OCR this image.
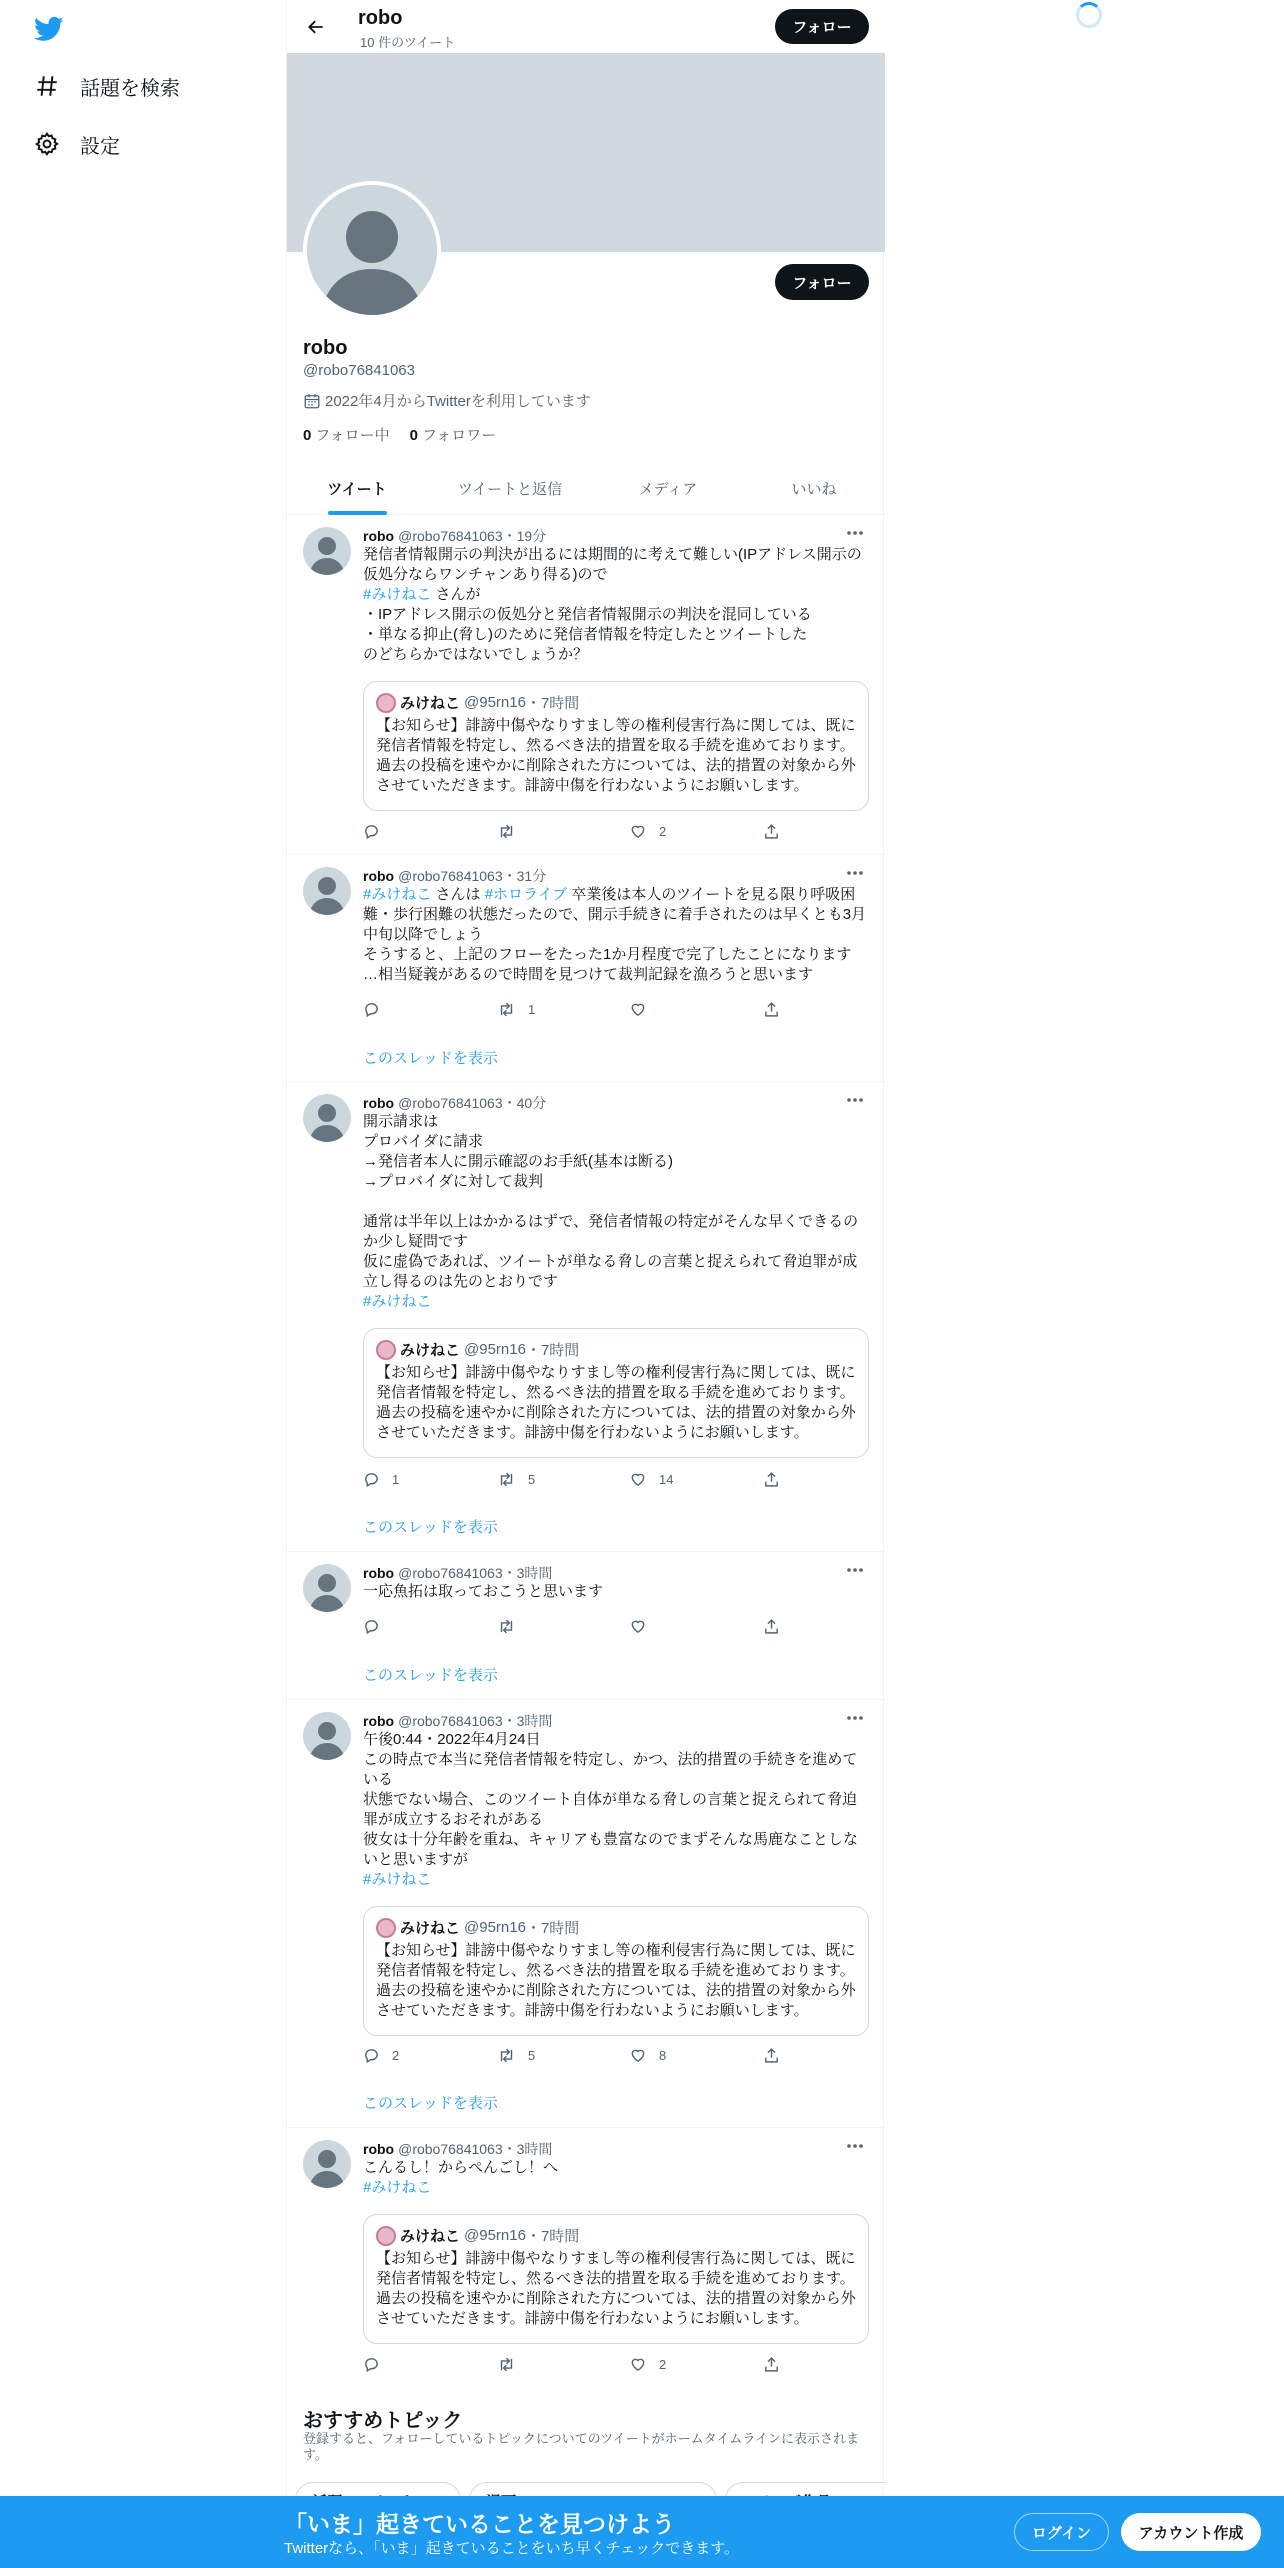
話題を検索
設定
robo
10 件のツイート
フォロー
フォロー
robo
@robo76841063
2022年4月からTwitterを利用しています
0 フォロー中 0 フォロワー
ツイート	ツイートと返信	メディア	いいね
robo @robo76841063・19分
発信者情報開示の判決が出るには期間的に考えて難しい(IPアドレス開示の
仮処分ならワンチャンあり得る)ので
#みけねこ さんが
・IPアドレス開示の仮処分と発信者情報開示の判決を混同している
・単なる抑止(脅し)のために発信者情報を特定したとツイートした
のどちらかではないでしょうか？
みけねこ @95rn16 ・7時間
【お知らせ】誹謗中傷やなりすまし等の権利侵害行為に関しては、既に
発信者情報を特定し、然るべき法的措置を取る手続を進めております。
過去の投稿を速やかに削除された方については、法的措置の対象から外
させていただきます。誹謗中傷を行わないようにお願いします。
2
robo @robo76841063・31分
#みけねこ さんは #ホロライブ 卒業後は本人のツイートを見る限り呼吸困
難・歩行困難の状態だったので、開示手続きに着手されたのは早くとも3月
中旬以降でしょう
そうすると、上記のフローをたった1か月程度で完了したことになります
…相当疑義があるので時間を見つけて裁判記録を漁ろうと思います
1
このスレッドを表示
robo @robo76841063・40分
開示請求は
プロバイダに請求
→発信者本人に開示確認のお手紙(基本は断る)
→プロバイダに対して裁判
通常は半年以上はかかるはずで、発信者情報の特定がそんな早くできるの
か少し疑問です
仮に虚偽であれば、ツイートが単なる脅しの言葉と捉えられて脅迫罪が成
立し得るのは先のとおりです
#みけねこ
みけねこ @95rn16 ・7時間
【お知らせ】誹謗中傷やなりすまし等の権利侵害行為に関しては、既に
発信者情報を特定し、然るべき法的措置を取る手続を進めております。
過去の投稿を速やかに削除された方については、法的措置の対象から外
させていただきます。誹謗中傷を行わないようにお願いします。
1	5	14
このスレッドを表示
robo @robo76841063・3時間
一応魚拓は取っておこうと思います
このスレッドを表示
robo @robo76841063・3時間
午後0:44・2022年4月24日
この時点で本当に発信者情報を特定し、かつ、法的措置の手続きを進めて
いる
状態でない場合、このツイート自体が単なる脅しの言葉と捉えられて脅迫
罪が成立するおそれがある
彼女は十分年齢を重ね、キャリアも豊富なのでまずそんな馬鹿なことしな
いと思いますが
#みけねこ
みけねこ @95rn16 ・7時間
【お知らせ】誹謗中傷やなりすまし等の権利侵害行為に関しては、既に
発信者情報を特定し、然るべき法的措置を取る手続を進めております。
過去の投稿を速やかに削除された方については、法的措置の対象から外
させていただきます。誹謗中傷を行わないようにお願いします。
2	5	8
このスレッドを表示
robo @robo76841063・3時間
こんるし！からぺんごし！へ
#みけねこ
みけねこ @95rn16 ・7時間
【お知らせ】誹謗中傷やなりすまし等の権利侵害行為に関しては、既に
発信者情報を特定し、然るべき法的措置を取る手続を進めております。
過去の投稿を速やかに削除された方については、法的措置の対象から外
させていただきます。誹謗中傷を行わないようにお願いします。
2
おすすめトピック
登録すると、フォローしているトピックについてのツイートがホームタイムラインに表示されま
す。
「いま」起きていることを見つけよう
Twitterなら、「いま」起きていることをいち早くチェックできます。
ログイン	アカウント作成
